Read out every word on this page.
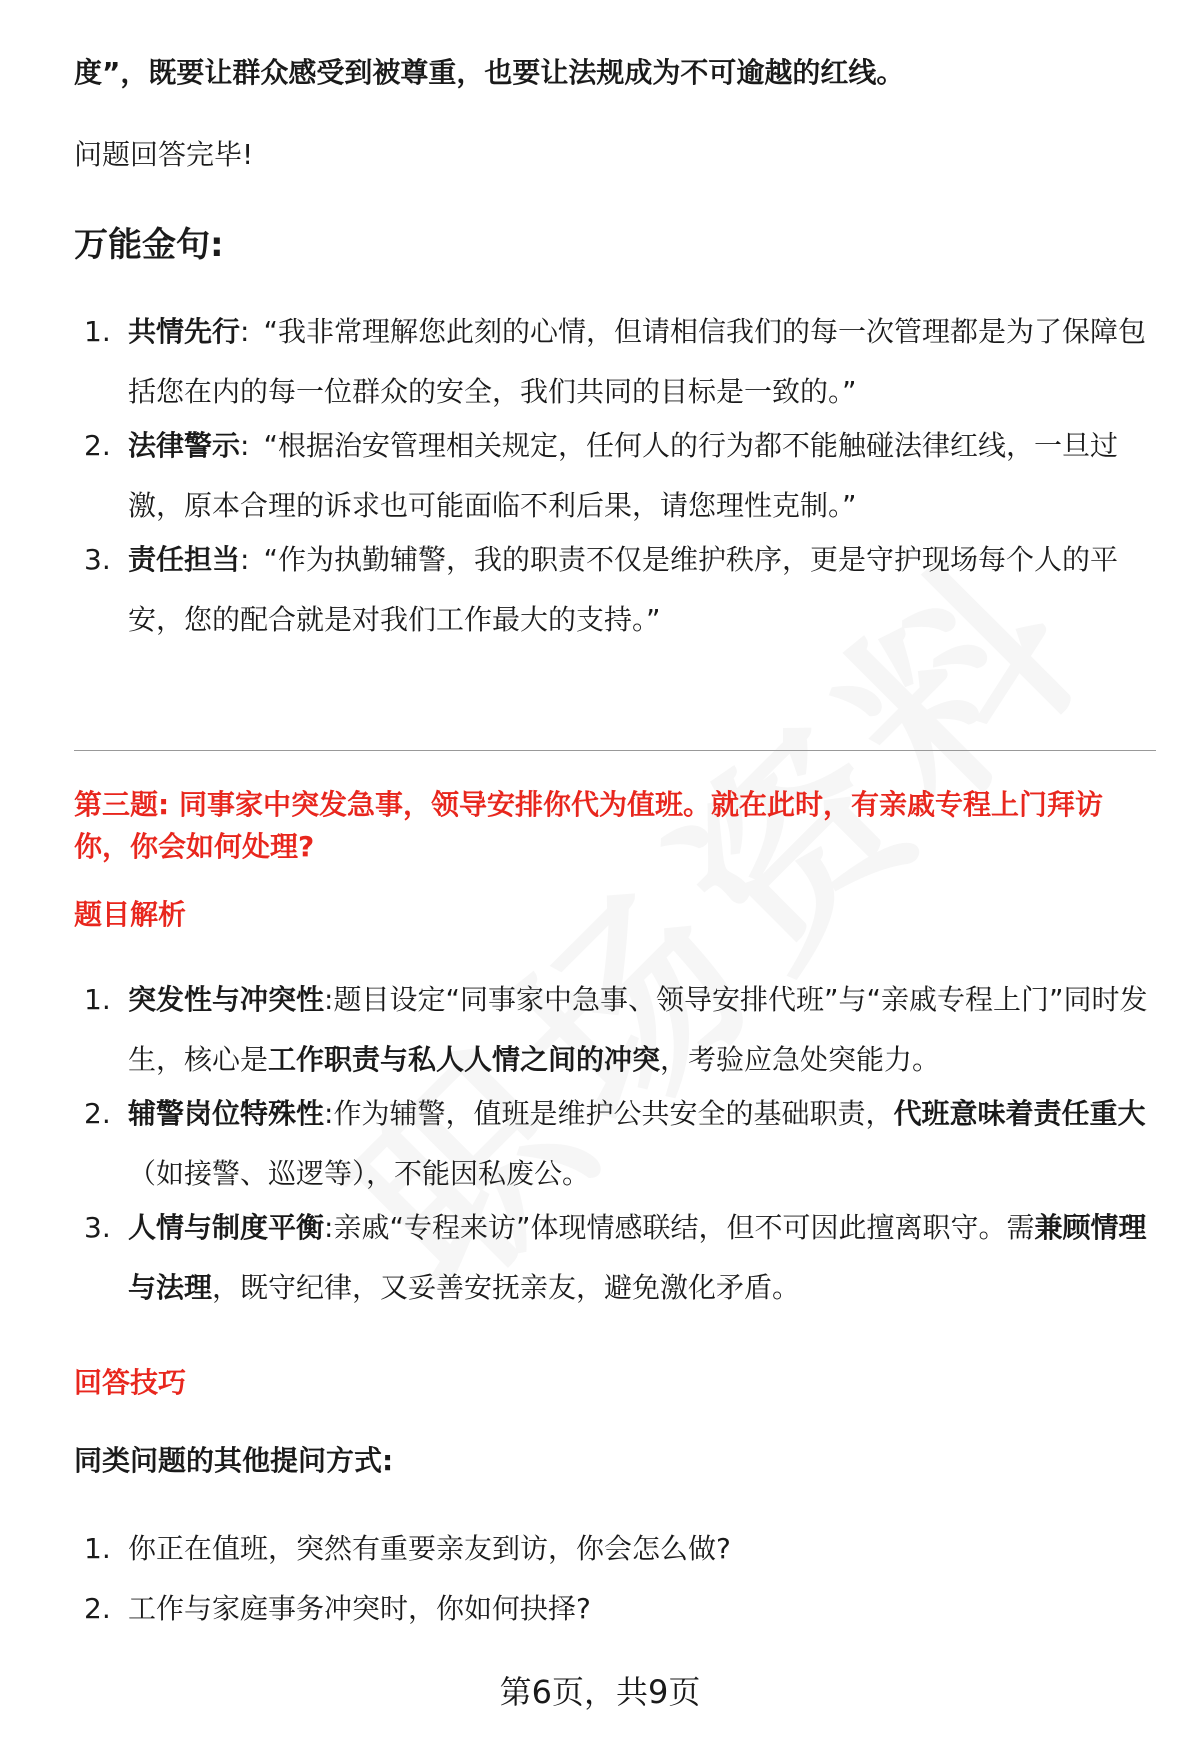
度”，既要让群众感受到被尊重，也要让法规成为不可逾越的红线。
问题回答完毕!
万能金句:
1. 共情先行: “我非常理解您此刻的心情，但请相信我们的每一次管理都是为了保障包括您在内的每一位群众的安全，我们共同的目标是一致的。”
2. 法律警示: “根据治安管理相关规定，任何人的行为都不能触碰法律红线，一旦过激，原本合理的诉求也可能面临不利后果，请您理性克制。”
3. 责任担当: “作为执勤辅警，我的职责不仅是维护秩序，更是守护现场每个人的平安，您的配合就是对我们工作最大的支持。”
第三题: 同事家中突发急事，领导安排你代为值班。就在此时，有亲戚专程上门拜访你，你会如何处理?
题目解析
1. 突发性与冲突性:题目设定“同事家中急事、领导安排代班”与“亲戚专程上门”同时发生，核心是工作职责与私人人情之间的冲突，考验应急处突能力。
2. 辅警岗位特殊性:作为辅警，值班是维护公共安全的基础职责，代班意味着责任重大（如接警、巡逻等），不能因私废公。
3. 人情与制度平衡:亲戚“专程来访”体现情感联结，但不可因此擅离职守。需兼顾情理与法理，既守纪律，又妥善安抚亲友，避免激化矛盾。
回答技巧
同类问题的其他提问方式:
1. 你正在值班，突然有重要亲友到访，你会怎么做?
2. 工作与家庭事务冲突时，你如何抉择?
第6页，共9页
